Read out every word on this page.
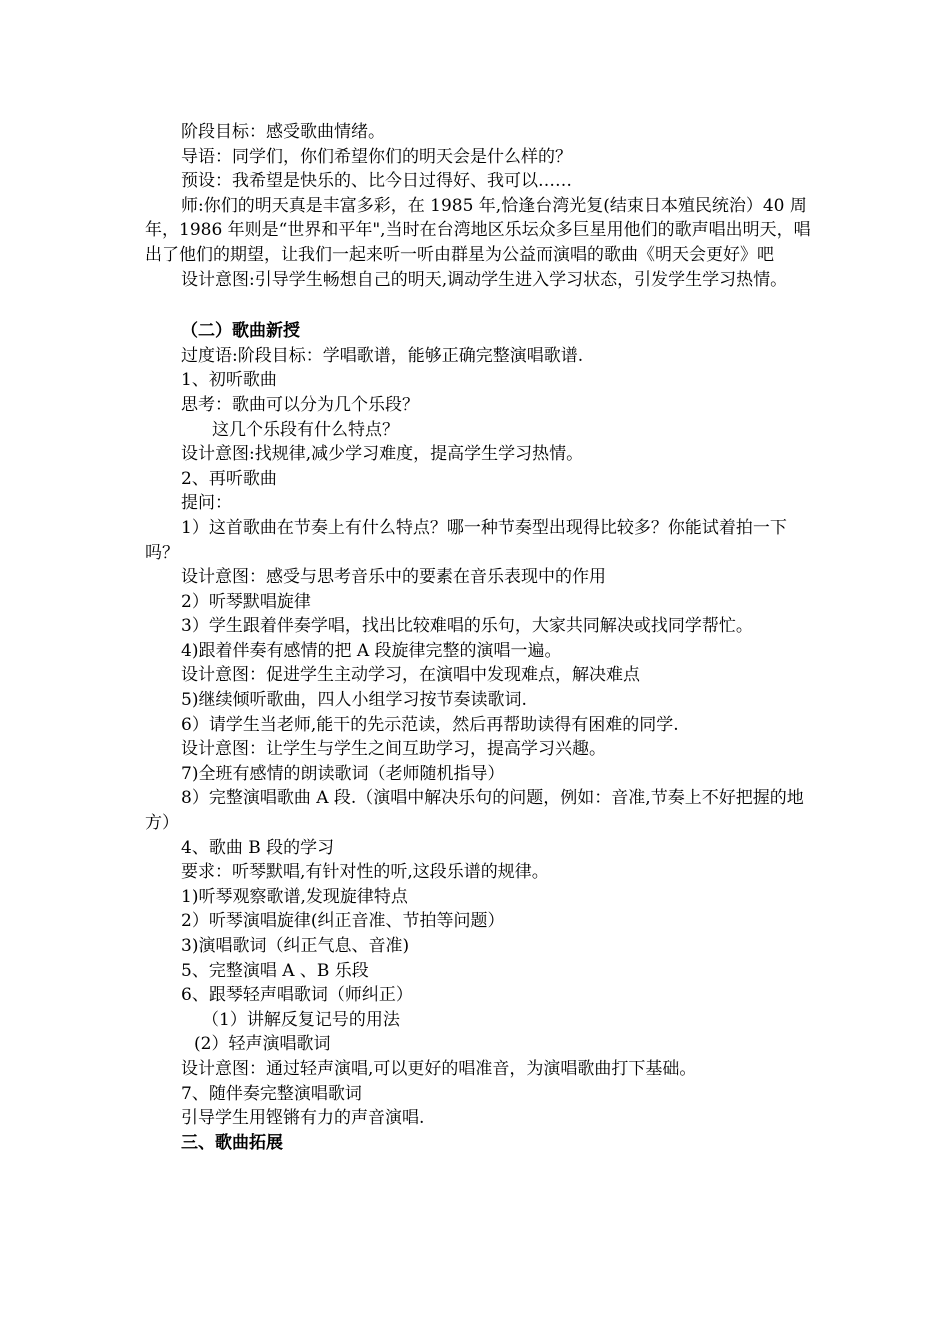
阶段目标：感受歌曲情绪。

导语：同学们，你们希望你们的明天会是什么样的？

预设：我希望是快乐的、比今日过得好、我可以……

师:你们的明天真是丰富多彩，在 1985 年,恰逢台湾光复(结束日本殖民统治）40 周年，1986 年则是“世界和平年",当时在台湾地区乐坛众多巨星用他们的歌声唱出明天，唱出了他们的期望，让我们一起来听一听由群星为公益而演唱的歌曲《明天会更好》吧

设计意图:引导学生畅想自己的明天,调动学生进入学习状态，引发学生学习热情。

（二）歌曲新授

过度语:阶段目标：学唱歌谱，能够正确完整演唱歌谱.

1、初听歌曲

思考：歌曲可以分为几个乐段？

这几个乐段有什么特点？

设计意图:找规律,减少学习难度，提高学生学习热情。

2、再听歌曲

提问：

1）这首歌曲在节奏上有什么特点？哪一种节奏型出现得比较多？你能试着拍一下吗？

设计意图：感受与思考音乐中的要素在音乐表现中的作用

2）听琴默唱旋律

3）学生跟着伴奏学唱，找出比较难唱的乐句，大家共同解决或找同学帮忙。

4)跟着伴奏有感情的把 A 段旋律完整的演唱一遍。

设计意图：促进学生主动学习，在演唱中发现难点，解决难点

5)继续倾听歌曲，四人小组学习按节奏读歌词.

6）请学生当老师,能干的先示范读，然后再帮助读得有困难的同学.

设计意图：让学生与学生之间互助学习，提高学习兴趣。

7)全班有感情的朗读歌词（老师随机指导）

8）完整演唱歌曲 A 段.（演唱中解决乐句的问题，例如：音准,节奏上不好把握的地方）

4、歌曲 B 段的学习

要求：听琴默唱,有针对性的听,这段乐谱的规律。

1)听琴观察歌谱,发现旋律特点

2）听琴演唱旋律(纠正音准、节拍等问题）

3)演唱歌词（纠正气息、音准)

5、完整演唱 A 、B 乐段

6、跟琴轻声唱歌词（师纠正）

（1）讲解反复记号的用法

(2）轻声演唱歌词

设计意图：通过轻声演唱,可以更好的唱准音，为演唱歌曲打下基础。

7、随伴奏完整演唱歌词

引导学生用铿锵有力的声音演唱.

三、歌曲拓展
